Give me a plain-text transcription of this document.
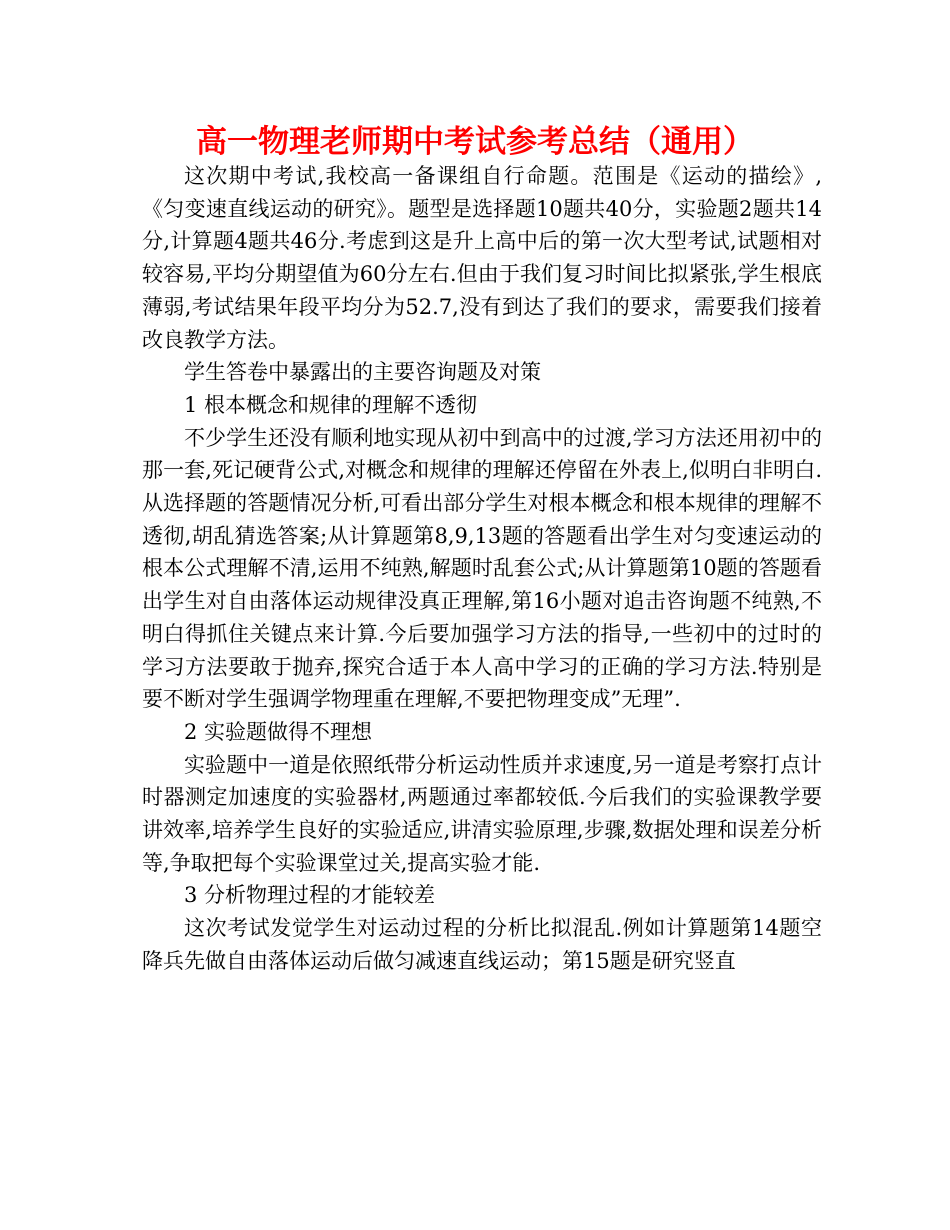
高一物理老师期中考试参考总结（通用）

这次期中考试,我校高一备课组自行命题。范围是《运动的描绘》,《匀变速直线运动的研究》。题型是选择题10题共40分，实验题2题共14分,计算题4题共46分.考虑到这是升上高中后的第一次大型考试,试题相对较容易,平均分期望值为60分左右.但由于我们复习时间比拟紧张,学生根底薄弱,考试结果年段平均分为52.7,没有到达了我们的要求，需要我们接着改良教学方法。

学生答卷中暴露出的主要咨询题及对策

1 根本概念和规律的理解不透彻

不少学生还没有顺利地实现从初中到高中的过渡,学习方法还用初中的那一套,死记硬背公式,对概念和规律的理解还停留在外表上,似明白非明白.从选择题的答题情况分析,可看出部分学生对根本概念和根本规律的理解不透彻,胡乱猜选答案;从计算题第8,9,13题的答题看出学生对匀变速运动的根本公式理解不清,运用不纯熟,解题时乱套公式;从计算题第10题的答题看出学生对自由落体运动规律没真正理解,第16小题对追击咨询题不纯熟,不明白得抓住关键点来计算.今后要加强学习方法的指导,一些初中的过时的学习方法要敢于抛弃,探究合适于本人高中学习的正确的学习方法.特别是要不断对学生强调学物理重在理解,不要把物理变成”无理”.

2 实验题做得不理想

实验题中一道是依照纸带分析运动性质并求速度,另一道是考察打点计时器测定加速度的实验器材,两题通过率都较低.今后我们的实验课教学要讲效率,培养学生良好的实验适应,讲清实验原理,步骤,数据处理和误差分析等,争取把每个实验课堂过关,提高实验才能.

3 分析物理过程的才能较差

这次考试发觉学生对运动过程的分析比拟混乱.例如计算题第14题空降兵先做自由落体运动后做匀减速直线运动；第15题是研究竖直
